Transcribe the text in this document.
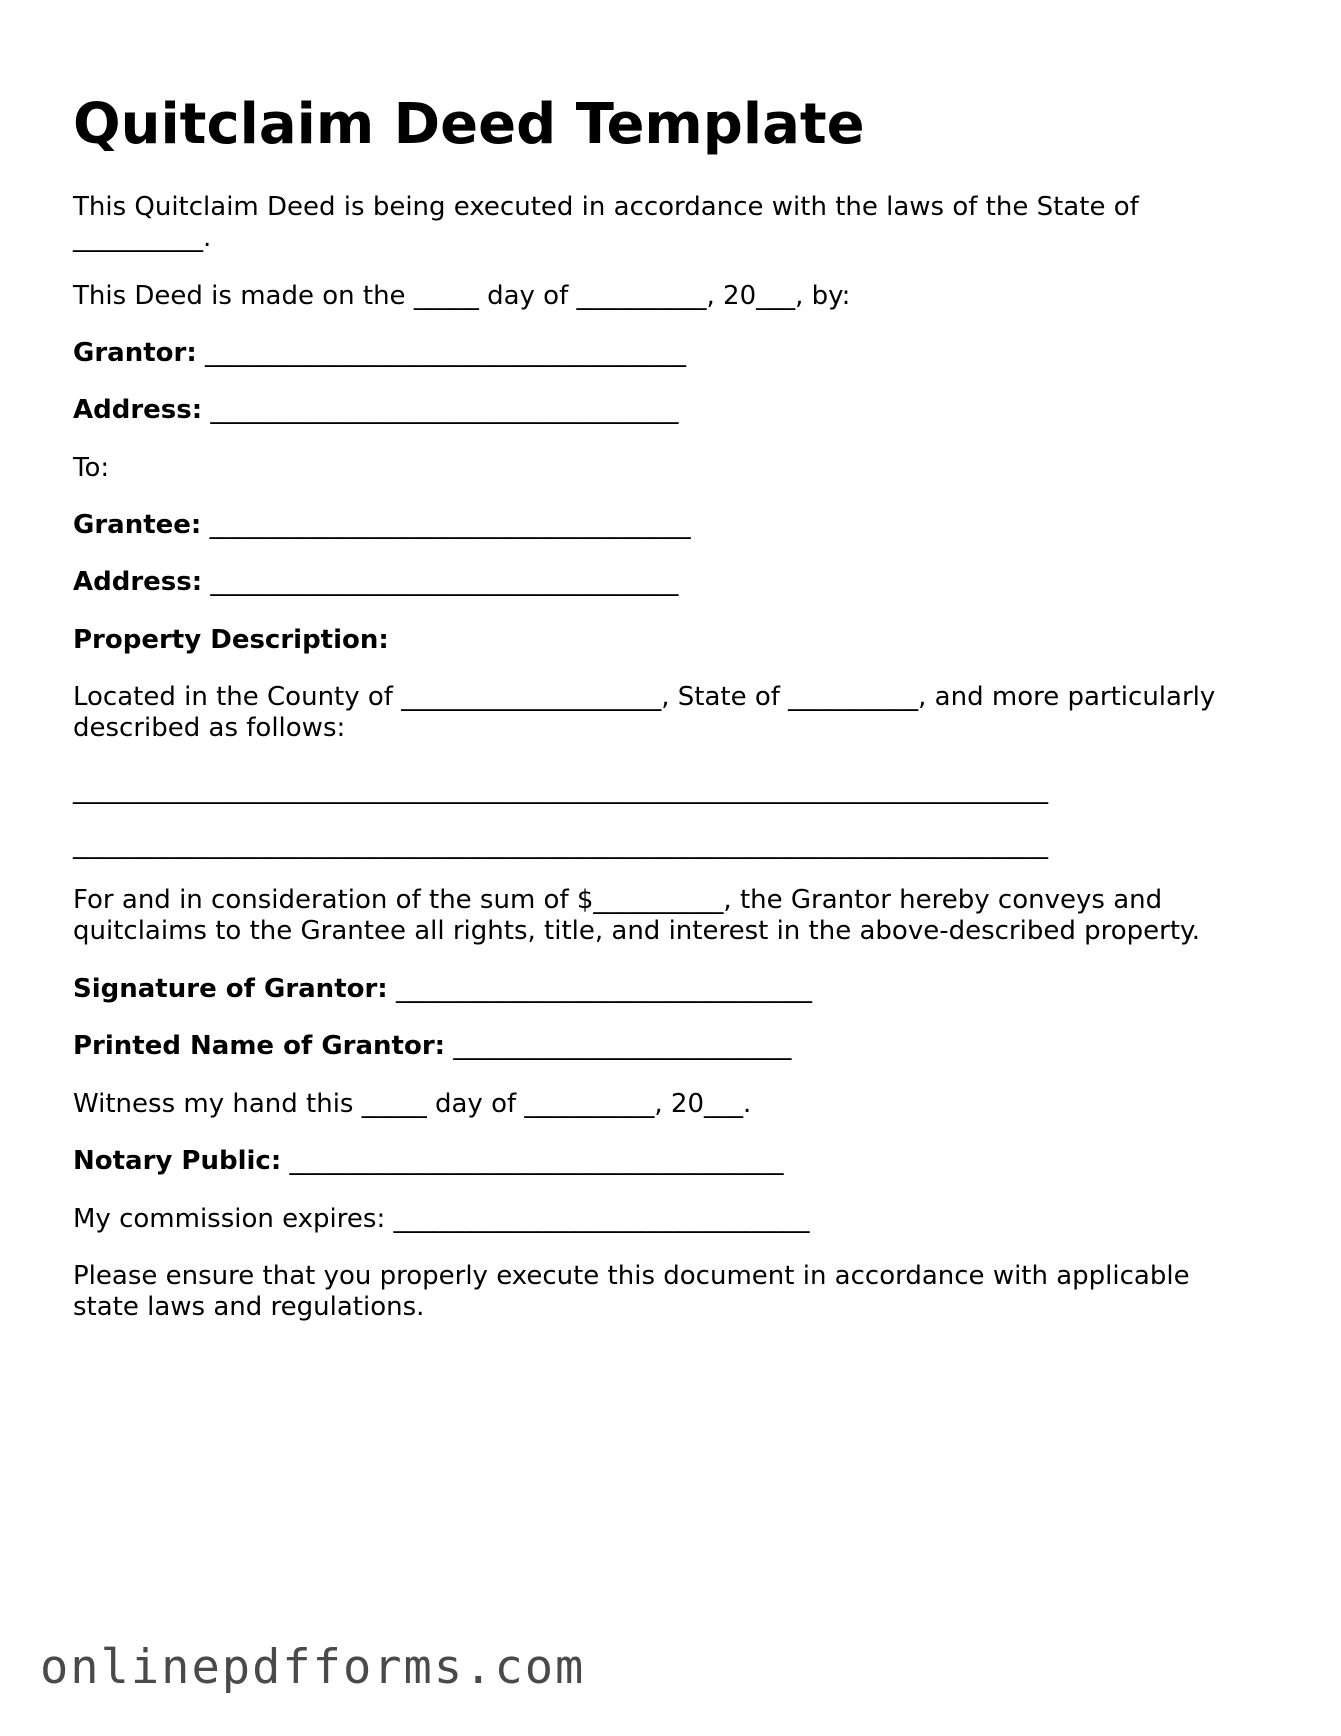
Quitclaim Deed Template

This Quitclaim Deed is being executed in accordance with the laws of the State of

__________.

This Deed is made on the _____ day of __________, 20___, by:

Grantor: _____________________________________

Address: ____________________________________

To:

Grantee: _____________________________________

Address: ____________________________________

Property Description:

Located in the County of ____________________, State of __________, and more particularly

described as follows:

___________________________________________________________________________

___________________________________________________________________________

For and in consideration of the sum of $__________, the Grantor hereby conveys and

quitclaims to the Grantee all rights, title, and interest in the above-described property.

Signature of Grantor: ________________________________

Printed Name of Grantor: __________________________

Witness my hand this _____ day of __________, 20___.

Notary Public: ______________________________________

My commission expires: ________________________________

Please ensure that you properly execute this document in accordance with applicable

state laws and regulations.

onlinepdfforms.com
